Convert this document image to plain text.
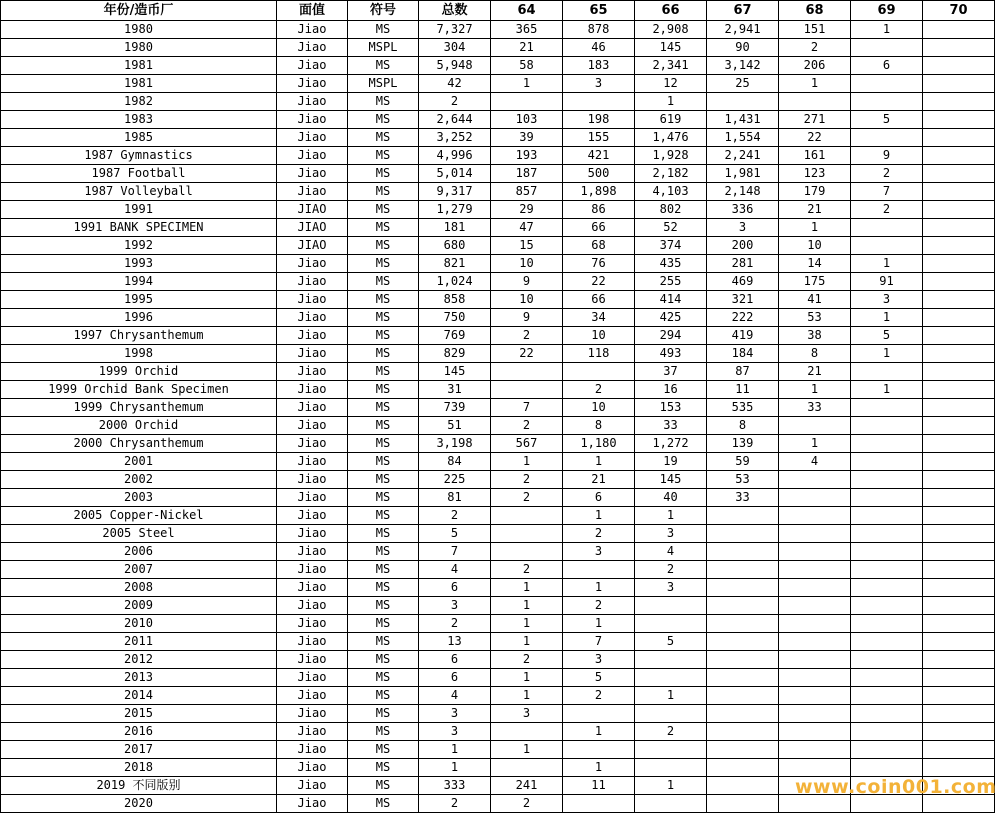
年份/造币厂	面值	符号	总数	64	65	66	67	68	69	70
1980	Jiao	MS	7,327	365	878	2,908	2,941	151	1	
1980	Jiao	MSPL	304	21	46	145	90	2		
1981	Jiao	MS	5,948	58	183	2,341	3,142	206	6	
1981	Jiao	MSPL	42	1	3	12	25	1		
1982	Jiao	MS	2			1				
1983	Jiao	MS	2,644	103	198	619	1,431	271	5	
1985	Jiao	MS	3,252	39	155	1,476	1,554	22		
1987 Gymnastics	Jiao	MS	4,996	193	421	1,928	2,241	161	9	
1987 Football	Jiao	MS	5,014	187	500	2,182	1,981	123	2	
1987 Volleyball	Jiao	MS	9,317	857	1,898	4,103	2,148	179	7	
1991	JIAO	MS	1,279	29	86	802	336	21	2	
1991 BANK SPECIMEN	JIAO	MS	181	47	66	52	3	1		
1992	JIAO	MS	680	15	68	374	200	10		
1993	Jiao	MS	821	10	76	435	281	14	1	
1994	Jiao	MS	1,024	9	22	255	469	175	91	
1995	Jiao	MS	858	10	66	414	321	41	3	
1996	Jiao	MS	750	9	34	425	222	53	1	
1997 Chrysanthemum	Jiao	MS	769	2	10	294	419	38	5	
1998	Jiao	MS	829	22	118	493	184	8	1	
1999 Orchid	Jiao	MS	145			37	87	21		
1999 Orchid Bank Specimen	Jiao	MS	31		2	16	11	1	1	
1999 Chrysanthemum	Jiao	MS	739	7	10	153	535	33		
2000 Orchid	Jiao	MS	51	2	8	33	8			
2000 Chrysanthemum	Jiao	MS	3,198	567	1,180	1,272	139	1		
2001	Jiao	MS	84	1	1	19	59	4		
2002	Jiao	MS	225	2	21	145	53			
2003	Jiao	MS	81	2	6	40	33			
2005 Copper-Nickel	Jiao	MS	2		1	1				
2005 Steel	Jiao	MS	5		2	3				
2006	Jiao	MS	7		3	4				
2007	Jiao	MS	4	2		2				
2008	Jiao	MS	6	1	1	3				
2009	Jiao	MS	3	1	2					
2010	Jiao	MS	2	1	1					
2011	Jiao	MS	13	1	7	5				
2012	Jiao	MS	6	2	3					
2013	Jiao	MS	6	1	5					
2014	Jiao	MS	4	1	2	1				
2015	Jiao	MS	3	3						
2016	Jiao	MS	3		1	2				
2017	Jiao	MS	1	1						
2018	Jiao	MS	1		1					
2019 不同版别	Jiao	MS	333	241	11	1				
2020	Jiao	MS	2	2						
www.coin001.com
